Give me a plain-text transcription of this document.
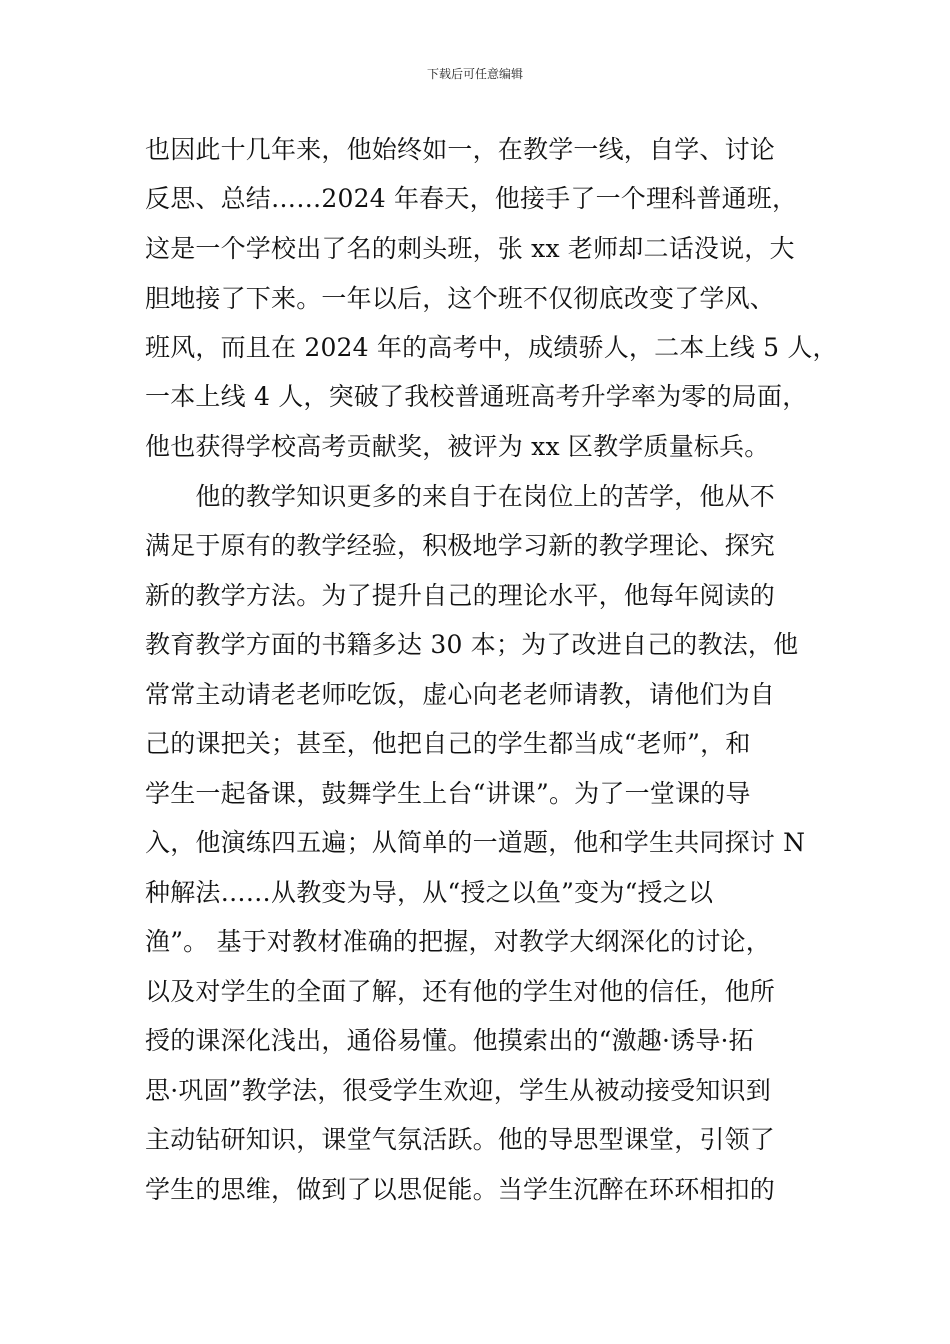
下载后可任意编辑
也因此十几年来，他始终如一，在教学一线，自学、讨论
反思、总结……2024 年春天，他接手了一个理科普通班，
这是一个学校出了名的刺头班，张 xx 老师却二话没说，大
胆地接了下来。一年以后，这个班不仅彻底改变了学风、
班风，而且在 2024 年的高考中，成绩骄人，二本上线 5 人，
一本上线 4 人，突破了我校普通班高考升学率为零的局面，
他也获得学校高考贡献奖，被评为 xx 区教学质量标兵。
　　他的教学知识更多的来自于在岗位上的苦学，他从不
满足于原有的教学经验，积极地学习新的教学理论、探究
新的教学方法。为了提升自己的理论水平，他每年阅读的
教育教学方面的书籍多达 30 本；为了改进自己的教法，他
常常主动请老老师吃饭，虚心向老老师请教，请他们为自
己的课把关；甚至，他把自己的学生都当成“老师”，和
学生一起备课，鼓舞学生上台“讲课”。为了一堂课的导
入，他演练四五遍；从简单的一道题，他和学生共同探讨 N
种解法……从教变为导，从“授之以鱼”变为“授之以
渔”。 基于对教材准确的把握，对教学大纲深化的讨论，
以及对学生的全面了解，还有他的学生对他的信任，他所
授的课深化浅出，通俗易懂。他摸索出的“激趣·诱导·拓
思·巩固”教学法，很受学生欢迎，学生从被动接受知识到
主动钻研知识，课堂气氛活跃。他的导思型课堂，引领了
学生的思维，做到了以思促能。当学生沉醉在环环相扣的
